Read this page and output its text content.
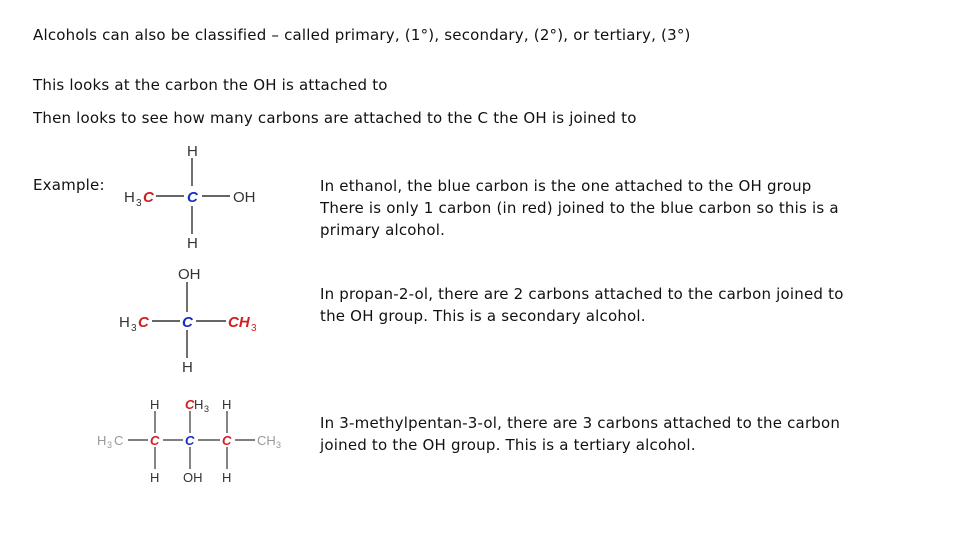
Alcohols can also be classified – called primary, (1°), secondary, (2°), or tertiary, (3°)
This looks at the carbon the OH is attached to
Then looks to see how many carbons are attached to the C the OH is joined to
Example:
H
H
H 3 C C OH
OH
H
H 3 C C CH 3
H C H 3 H
H 3 C C C C CH 3
H OH H
In ethanol, the blue carbon is the one attached to the OH group
There is only 1 carbon (in red) joined to the blue carbon so this is a
primary alcohol.
In propan-2-ol, there are 2 carbons attached to the carbon joined to
the OH group. This is a secondary alcohol.
In 3-methylpentan-3-ol, there are 3 carbons attached to the carbon
joined to the OH group. This is a tertiary alcohol.
